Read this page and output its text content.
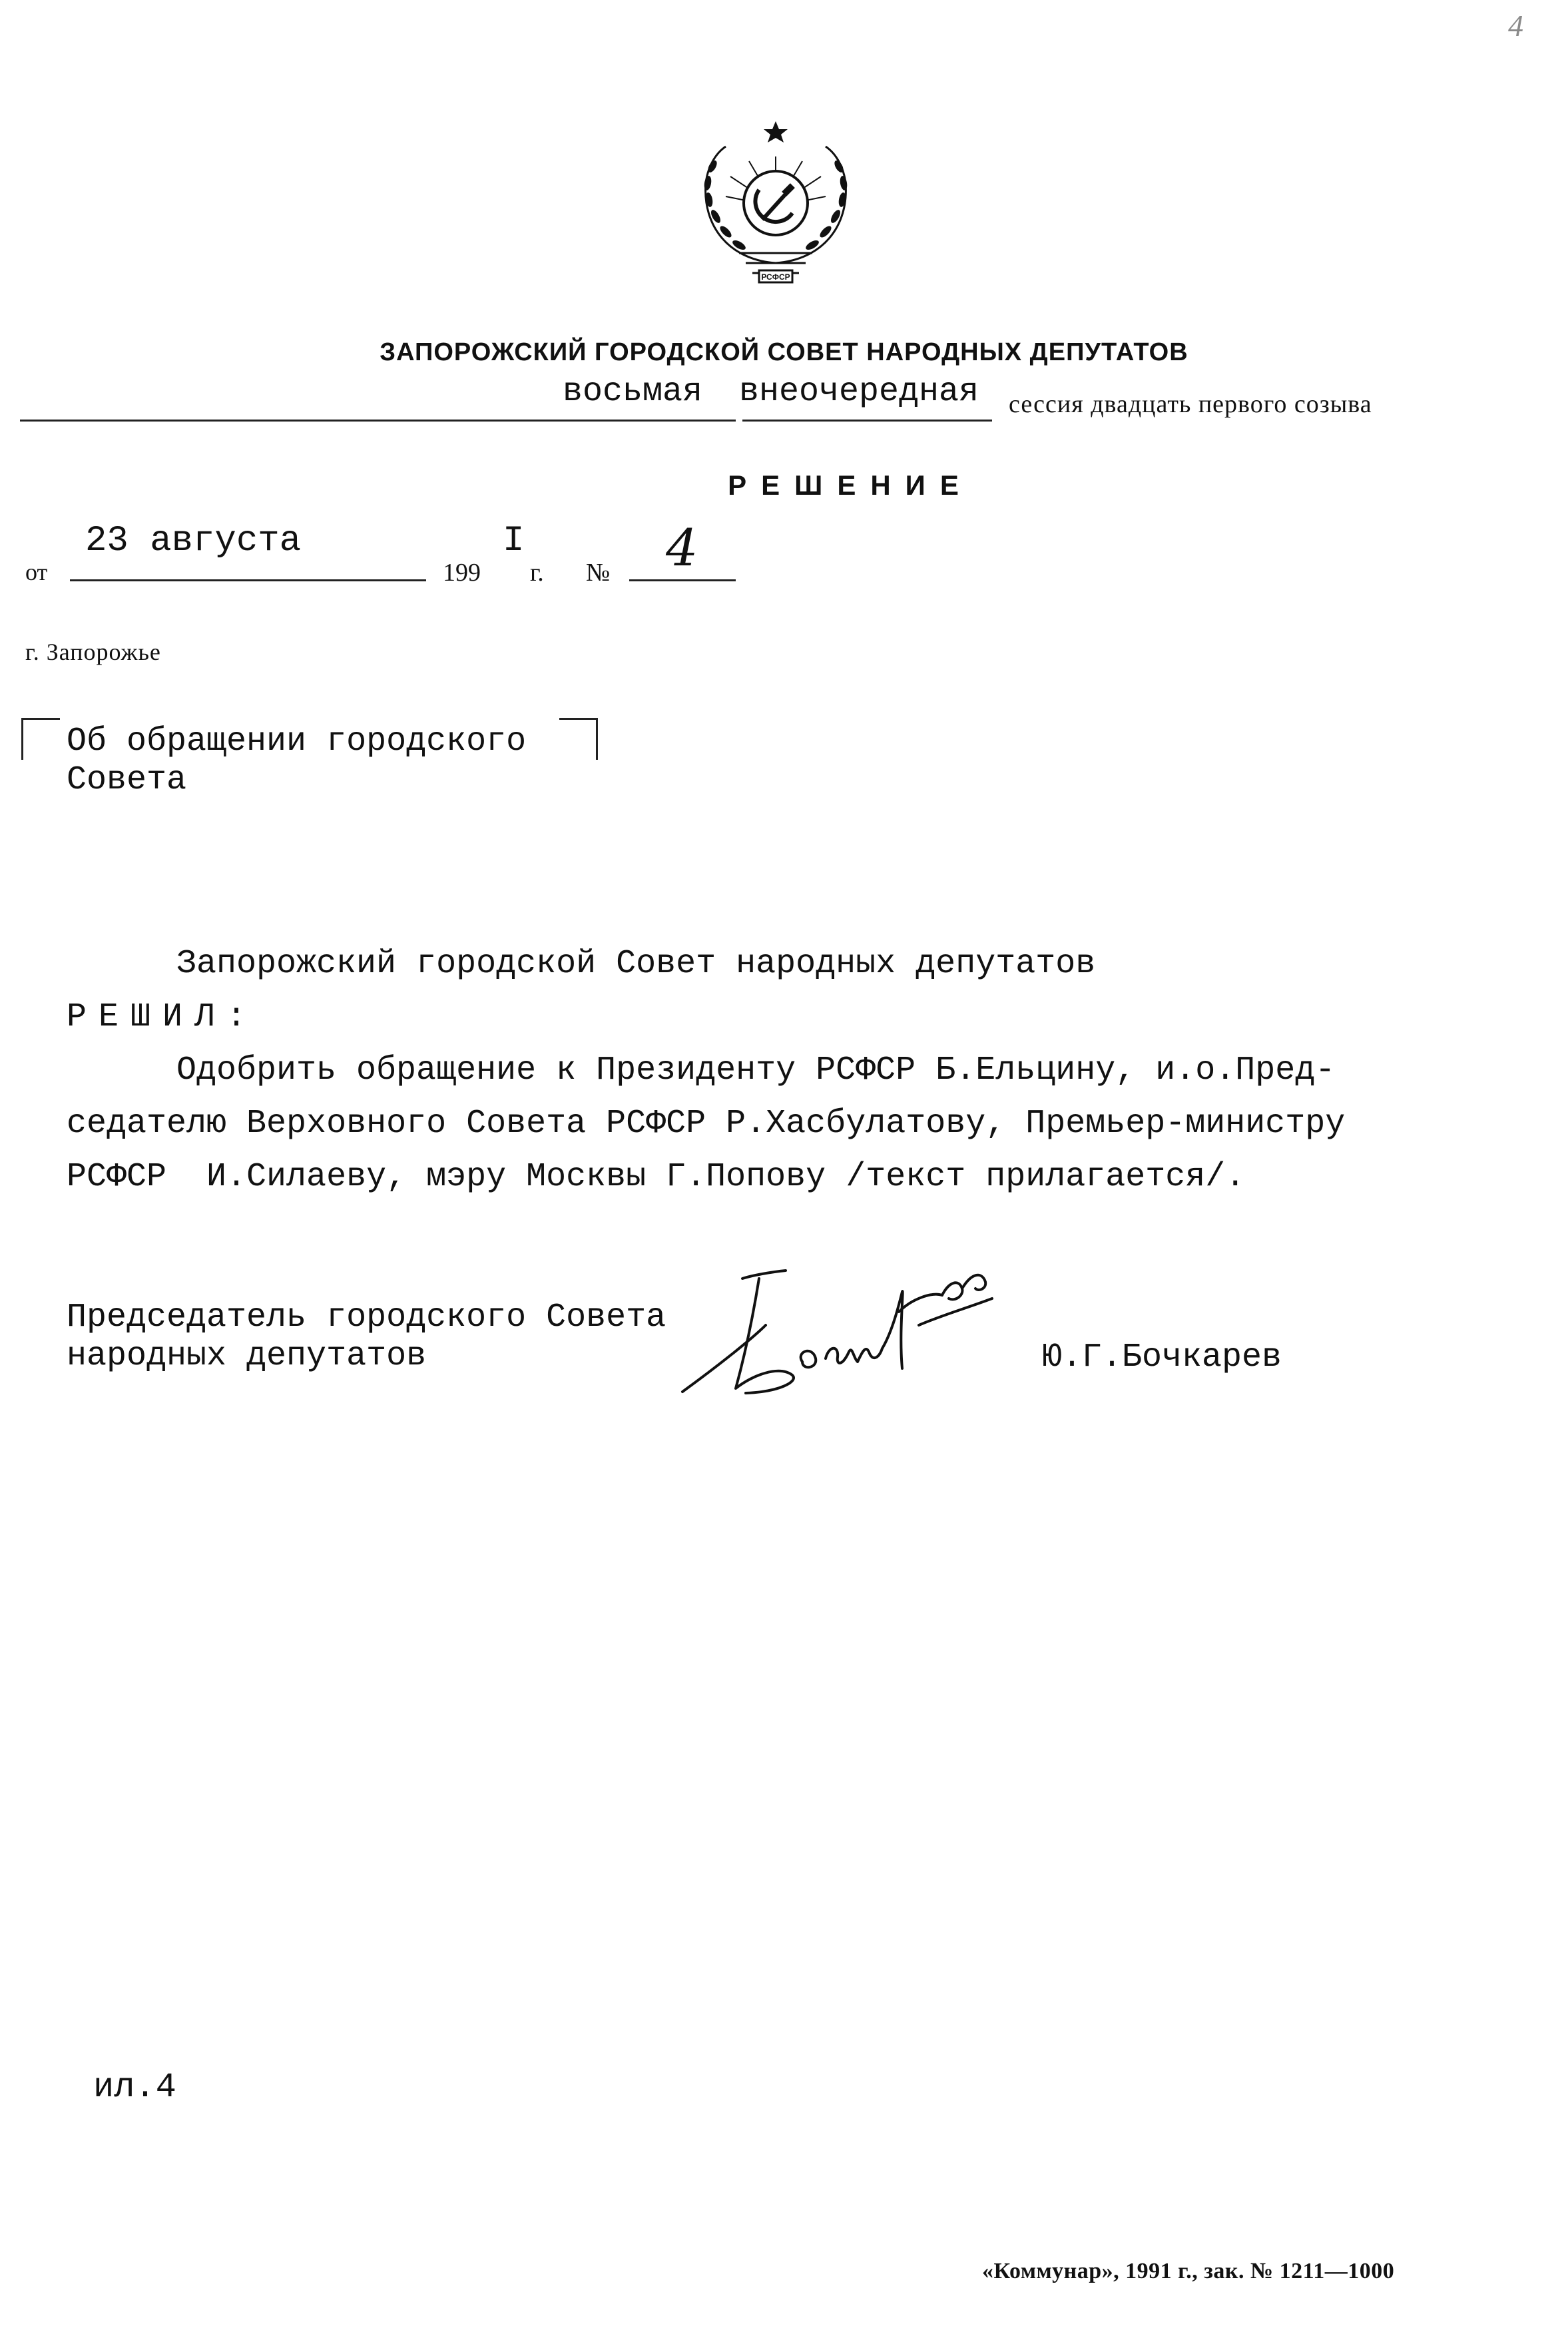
4
РСФСР
ЗАПОРОЖСКИЙ ГОРОДСКОЙ СОВЕТ НАРОДНЫХ ДЕПУТАТОВ
восьмая внеочередная сессия двадцать первого созыва
РЕШЕНИЕ
от
23 августа
199
I
г. № 4
г. Запорожье
Об обращении городского
Совета
Запорожский городской Совет народных депутатов
РЕШИЛ:
Одобрить обращение к Президенту РСФСР Б.Ельцину, и.о.Пред-
седателю Верховного Совета РСФСР Р.Хасбулатову, Премьер-министру
РСФСР  И.Силаеву, мэру Москвы Г.Попову /текст прилагается/.
Председатель городского Совета
народных депутатов	Ю.Г.Бочкарев
ил.4
«Коммунар», 1991 г., зак. № 1211—1000
